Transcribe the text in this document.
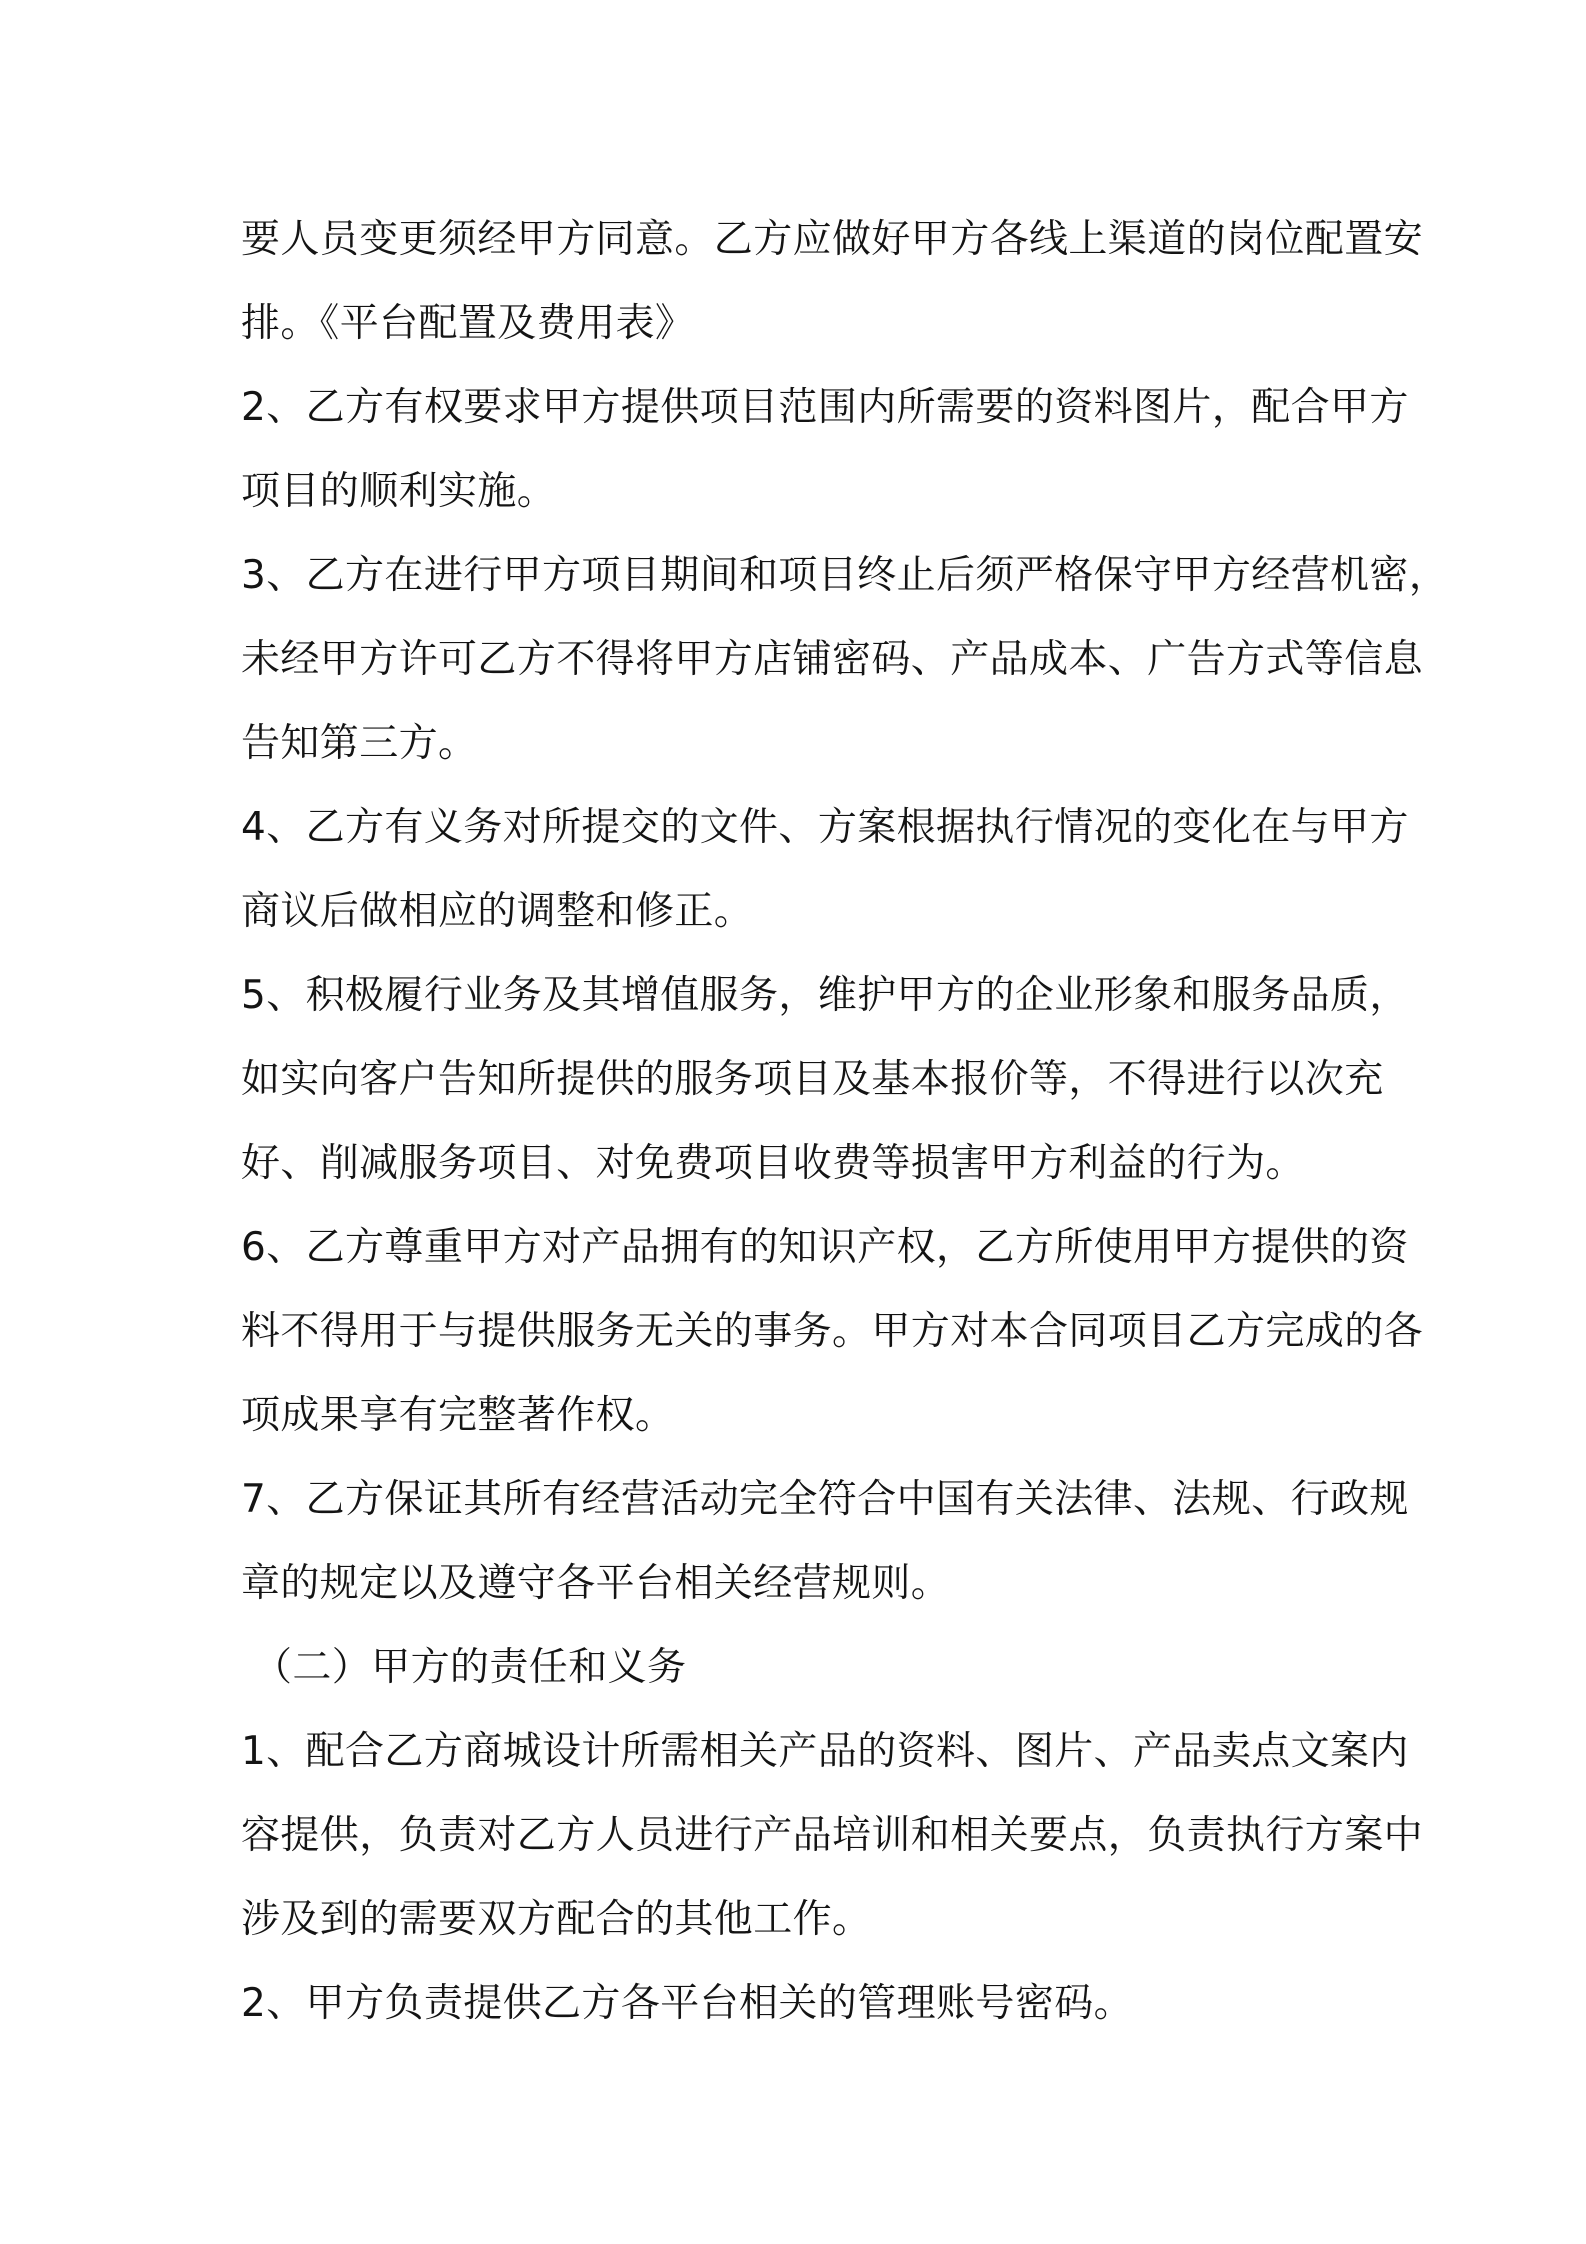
要人员变更须经甲方同意。乙方应做好甲方各线上渠道的岗位配置安
排。《平台配置及费用表》
2、乙方有权要求甲方提供项目范围内所需要的资料图片，配合甲方
项目的顺利实施。
3、乙方在进行甲方项目期间和项目终止后须严格保守甲方经营机密，
未经甲方许可乙方不得将甲方店铺密码、产品成本、广告方式等信息
告知第三方。
4、乙方有义务对所提交的文件、方案根据执行情况的变化在与甲方
商议后做相应的调整和修正。
5、积极履行业务及其增值服务，维护甲方的企业形象和服务品质，
如实向客户告知所提供的服务项目及基本报价等，不得进行以次充
好、削减服务项目、对免费项目收费等损害甲方利益的行为。
6、乙方尊重甲方对产品拥有的知识产权，乙方所使用甲方提供的资
料不得用于与提供服务无关的事务。甲方对本合同项目乙方完成的各
项成果享有完整著作权。
7、乙方保证其所有经营活动完全符合中国有关法律、法规、行政规
章的规定以及遵守各平台相关经营规则。
（二）甲方的责任和义务
1、配合乙方商城设计所需相关产品的资料、图片、产品卖点文案内
容提供，负责对乙方人员进行产品培训和相关要点，负责执行方案中
涉及到的需要双方配合的其他工作。
2、甲方负责提供乙方各平台相关的管理账号密码。
